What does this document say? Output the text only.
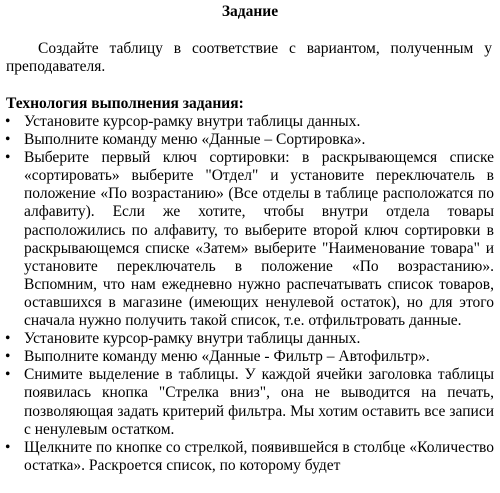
Задание
Создайте таблицу в соответствие с вариантом, полученным у преподавателя.
Технология выполнения задания:
• Установите курсор-рамку внутри таблицы данных.
• Выполните команду меню «Данные – Сортировка».
• Выберите первый ключ сортировки: в раскрывающемся списке «сортировать» выберите "Отдел" и установите переключатель в положение «По возрастанию» (Все отделы в таблице расположатся по алфавиту). Если же хотите, чтобы внутри отдела товары расположились по алфавиту, то выберите второй ключ сортировки в раскрывающемся списке «Затем» выберите "Наименование товара" и установите переключатель в положение «По возрастанию». Вспомним, что нам ежедневно нужно распечатывать список товаров, оставшихся в магазине (имеющих ненулевой остаток), но для этого сначала нужно получить такой список, т.е. отфильтровать данные.
• Установите курсор-рамку внутри таблицы данных.
• Выполните команду меню «Данные - Фильтр – Автофильтр».
• Снимите выделение в таблицы. У каждой ячейки заголовка таблицы появилась кнопка "Стрелка вниз", она не выводится на печать, позволяющая задать критерий фильтра. Мы хотим оставить все записи с ненулевым остатком.
• Щелкните по кнопке со стрелкой, появившейся в столбце «Количество остатка». Раскроется список, по которому будет
